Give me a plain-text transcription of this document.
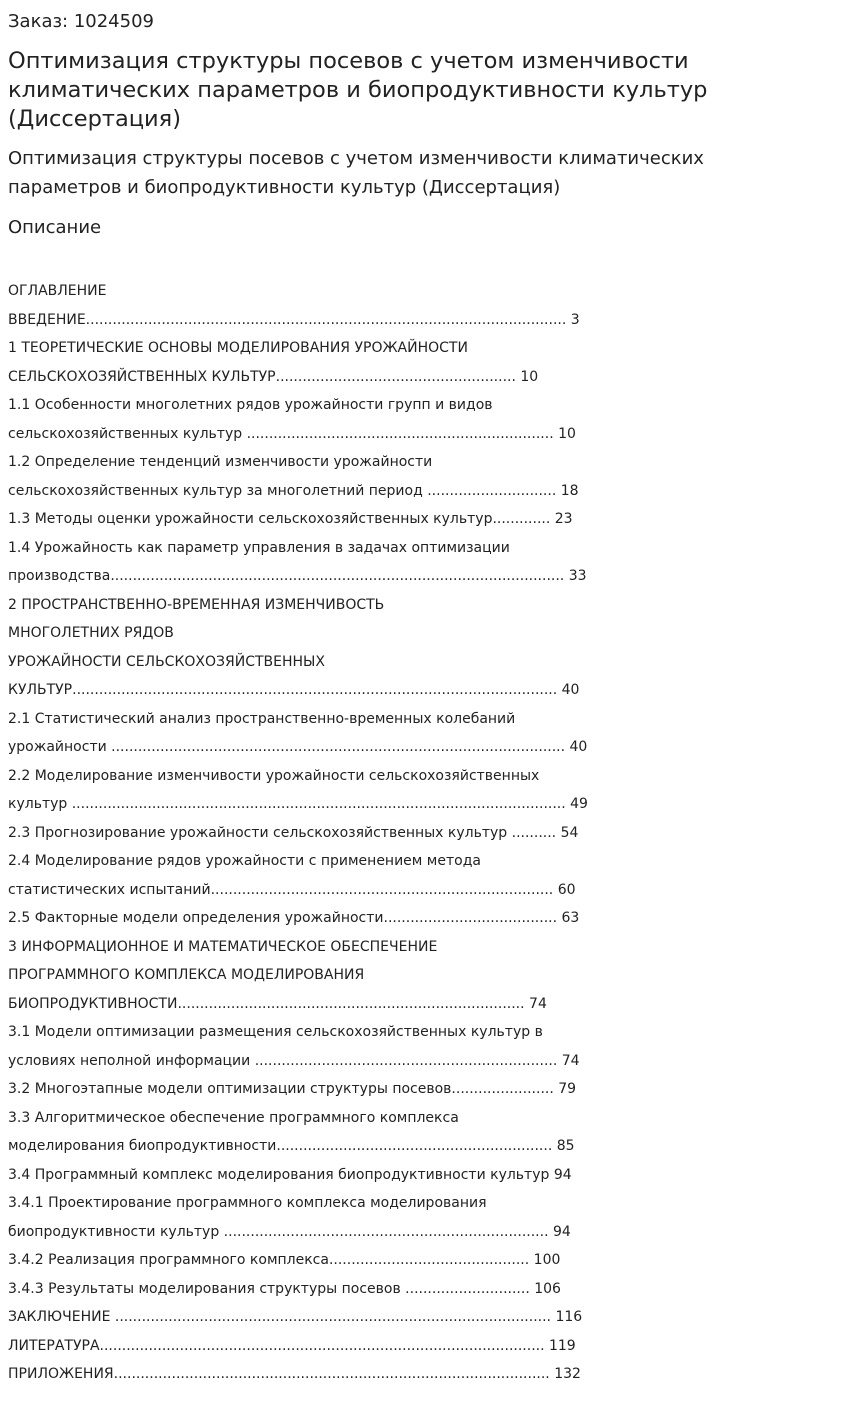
Заказ: 1024509
Оптимизация структуры посевов с учетом изменчивости климатических параметров и биопродуктивности культур (Диссертация)
Оптимизация структуры посевов с учетом изменчивости климатических параметров и биопродуктивности культур (Диссертация)
Описание
ОГЛАВЛЕНИЕ
ВВЕДЕНИЕ............................................................................................................ 3
1 ТЕОРЕТИЧЕСКИЕ ОСНОВЫ МОДЕЛИРОВАНИЯ УРОЖАЙНОСТИ
СЕЛЬСКОХОЗЯЙСТВЕННЫХ КУЛЬТУР...................................................... 10
1.1 Особенности многолетних рядов урожайности групп и видов
сельскохозяйственных культур ..................................................................... 10
1.2 Определение тенденций изменчивости урожайности
сельскохозяйственных культур за многолетний период ............................. 18
1.3 Методы оценки урожайности сельскохозяйственных культур............. 23
1.4 Урожайность как параметр управления в задачах оптимизации
производства...................................................................................................... 33
2 ПРОСТРАНСТВЕННО-ВРЕМЕННАЯ ИЗМЕНЧИВОСТЬ
МНОГОЛЕТНИХ РЯДОВ
УРОЖАЙНОСТИ СЕЛЬСКОХОЗЯЙСТВЕННЫХ
КУЛЬТУР............................................................................................................. 40
2.1 Статистический анализ пространственно-временных колебаний
урожайности ...................................................................................................... 40
2.2 Моделирование изменчивости урожайности сельскохозяйственных
культур ............................................................................................................... 49
2.3 Прогнозирование урожайности сельскохозяйственных культур .......... 54
2.4 Моделирование рядов урожайности с применением метода
статистических испытаний............................................................................. 60
2.5 Факторные модели определения урожайности....................................... 63
3 ИНФОРМАЦИОННОЕ И МАТЕМАТИЧЕСКОЕ ОБЕСПЕЧЕНИЕ
ПРОГРАММНОГО КОМПЛЕКСА МОДЕЛИРОВАНИЯ
БИОПРОДУКТИВНОСТИ.............................................................................. 74
3.1 Модели оптимизации размещения сельскохозяйственных культур в
условиях неполной информации .................................................................... 74
3.2 Многоэтапные модели оптимизации структуры посевов....................... 79
3.3 Алгоритмическое обеспечение программного комплекса
моделирования биопродуктивности.............................................................. 85
3.4 Программный комплекс моделирования биопродуктивности культур 94
3.4.1 Проектирование программного комплекса моделирования
биопродуктивности культур ......................................................................... 94
3.4.2 Реализация программного комплекса............................................. 100
3.4.3 Результаты моделирования структуры посевов ............................ 106
ЗАКЛЮЧЕНИЕ .................................................................................................. 116
ЛИТЕРАТУРА.................................................................................................... 119
ПРИЛОЖЕНИЯ.................................................................................................. 132
